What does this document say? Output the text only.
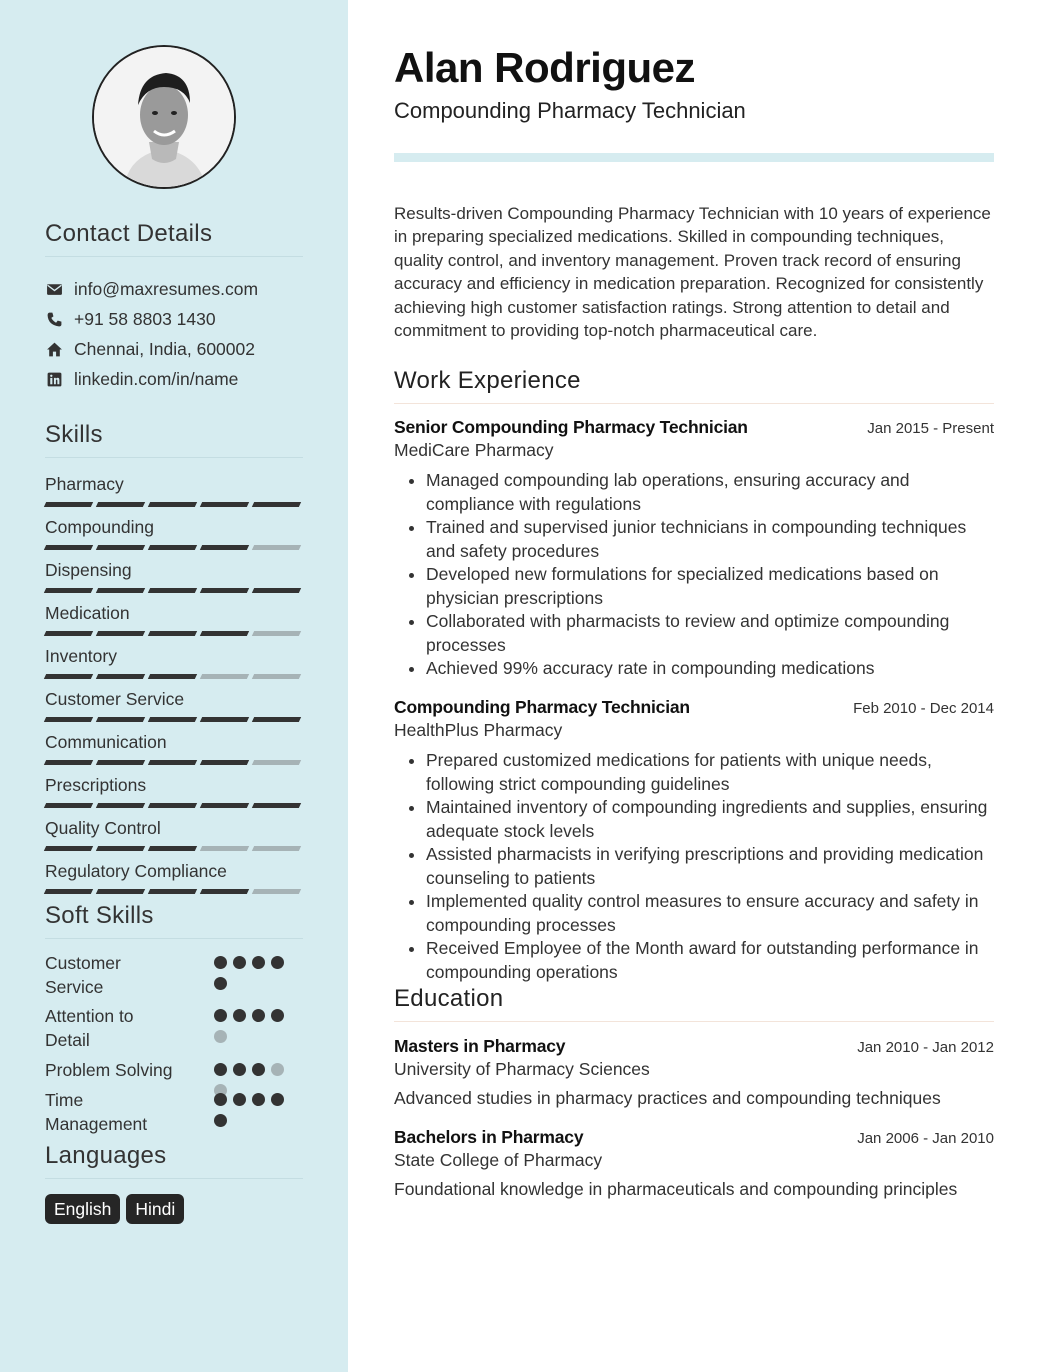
Contact Details
info@maxresumes.com
+91 58 8803 1430
Chennai, India, 600002
linkedin.com/in/name
Skills
Pharmacy
Compounding
Dispensing
Medication
Inventory
Customer Service
Communication
Prescriptions
Quality Control
Regulatory Compliance
Soft Skills
Customer Service
Attention to Detail
Problem Solving
Time Management
Languages
English	Hindi
Alan Rodriguez
Compounding Pharmacy Technician
Results-driven Compounding Pharmacy Technician with 10 years of experience in preparing specialized medications. Skilled in compounding techniques, quality control, and inventory management. Proven track record of ensuring accuracy and efficiency in medication preparation. Recognized for consistently achieving high customer satisfaction ratings. Strong attention to detail and commitment to providing top-notch pharmaceutical care.
Work Experience
Senior Compounding Pharmacy Technician	Jan 2015 - Present
MediCare Pharmacy
• Managed compounding lab operations, ensuring accuracy and compliance with regulations
• Trained and supervised junior technicians in compounding techniques and safety procedures
• Developed new formulations for specialized medications based on physician prescriptions
• Collaborated with pharmacists to review and optimize compounding processes
• Achieved 99% accuracy rate in compounding medications
Compounding Pharmacy Technician	Feb 2010 - Dec 2014
HealthPlus Pharmacy
• Prepared customized medications for patients with unique needs, following strict compounding guidelines
• Maintained inventory of compounding ingredients and supplies, ensuring adequate stock levels
• Assisted pharmacists in verifying prescriptions and providing medication counseling to patients
• Implemented quality control measures to ensure accuracy and safety in compounding processes
• Received Employee of the Month award for outstanding performance in compounding operations
Education
Masters in Pharmacy	Jan 2010 - Jan 2012
University of Pharmacy Sciences
Advanced studies in pharmacy practices and compounding techniques
Bachelors in Pharmacy	Jan 2006 - Jan 2010
State College of Pharmacy
Foundational knowledge in pharmaceuticals and compounding principles
